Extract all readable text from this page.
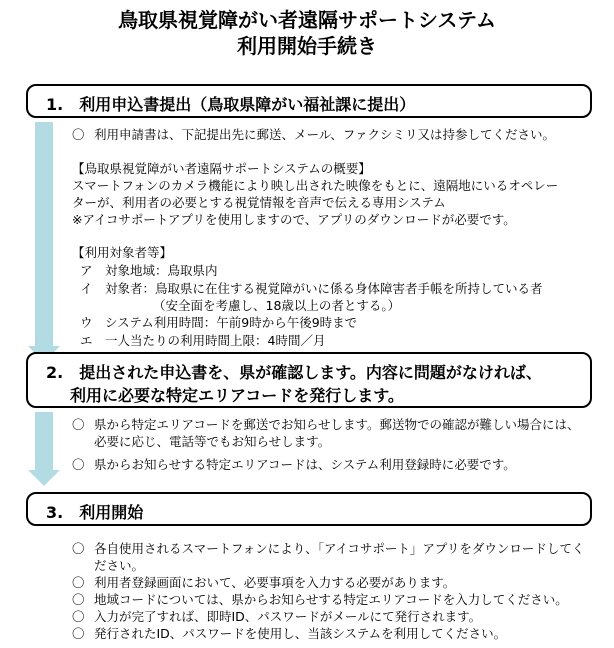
鳥取県視覚障がい者遠隔サポートシステム
利用開始手続き
1.　利用申込書提出（鳥取県障がい福祉課に提出）
〇 利用申請書は、下記提出先に郵送、メール、ファクシミリ又は持参してください。
【鳥取県視覚障がい者遠隔サポートシステムの概要】
スマートフォンのカメラ機能により映し出された映像をもとに、遠隔地にいるオペレー
ターが、利用者の必要とする視覚情報を音声で伝える専用システム
※アイコサポートアプリを使用しますので、アプリのダウンロードが必要です。
【利用対象者等】
ア　対象地域：鳥取県内
イ　対象者：鳥取県に在住する視覚障がいに係る身体障害者手帳を所持している者
（安全面を考慮し、18歳以上の者とする。）
ウ　システム利用時間：午前9時から午後9時まで
エ　一人当たりの利用時間上限：4時間／月
2.　提出された申込書を、県が確認します。内容に問題がなければ、
利用に必要な特定エリアコードを発行します。
〇 県から特定エリアコードを郵送でお知らせします。郵送物での確認が難しい場合には、
必要に応じ、電話等でもお知らせします。
〇 県からお知らせする特定エリアコードは、システム利用登録時に必要です。
3.　利用開始
〇 各自使用されるスマートフォンにより、「アイコサポート」アプリをダウンロードしてく
ださい。
〇 利用者登録画面において、必要事項を入力する必要があります。
〇 地域コードについては、県からお知らせする特定エリアコードを入力してください。
〇 入力が完了すれば、即時ID、パスワードがメールにて発行されます。
〇 発行されたID、パスワードを使用し、当該システムを利用してください。
